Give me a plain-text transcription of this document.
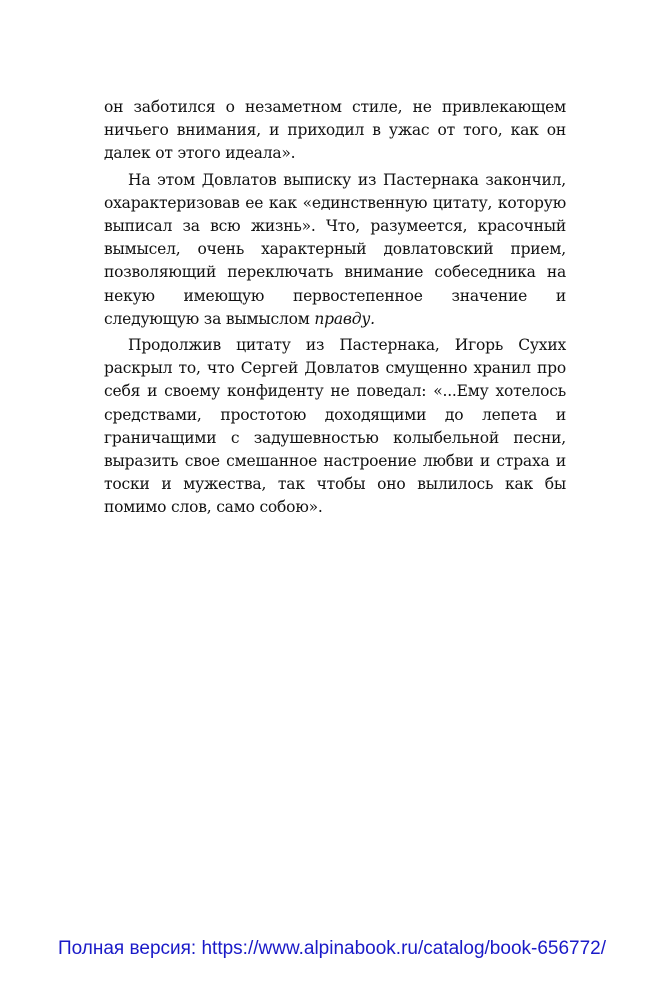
он заботился о незаметном стиле, не привлекающем ничьего внимания, и приходил в ужас от того, как он далек от этого идеала».

На этом Довлатов выписку из Пастернака закончил, охарактеризовав ее как «единственную цитату, которую выписал за всю жизнь». Что, разумеется, красочный вымысел, очень характерный довлатовский прием, позволяющий переключать внимание собеседника на некую имеющую первостепенное значение и следующую за вымыслом правду.

Продолжив цитату из Пастернака, Игорь Сухих раскрыл то, что Сергей Довлатов смущенно хранил про себя и своему конфиденту не поведал: «...Ему хотелось средствами, простотою доходящими до лепета и граничащими с задушевностью колыбельной песни, выразить свое смешанное настроение любви и страха и тоски и мужества, так чтобы оно вылилось как бы помимо слов, само собою».

Полная версия: https://www.alpinabook.ru/catalog/book-656772/
